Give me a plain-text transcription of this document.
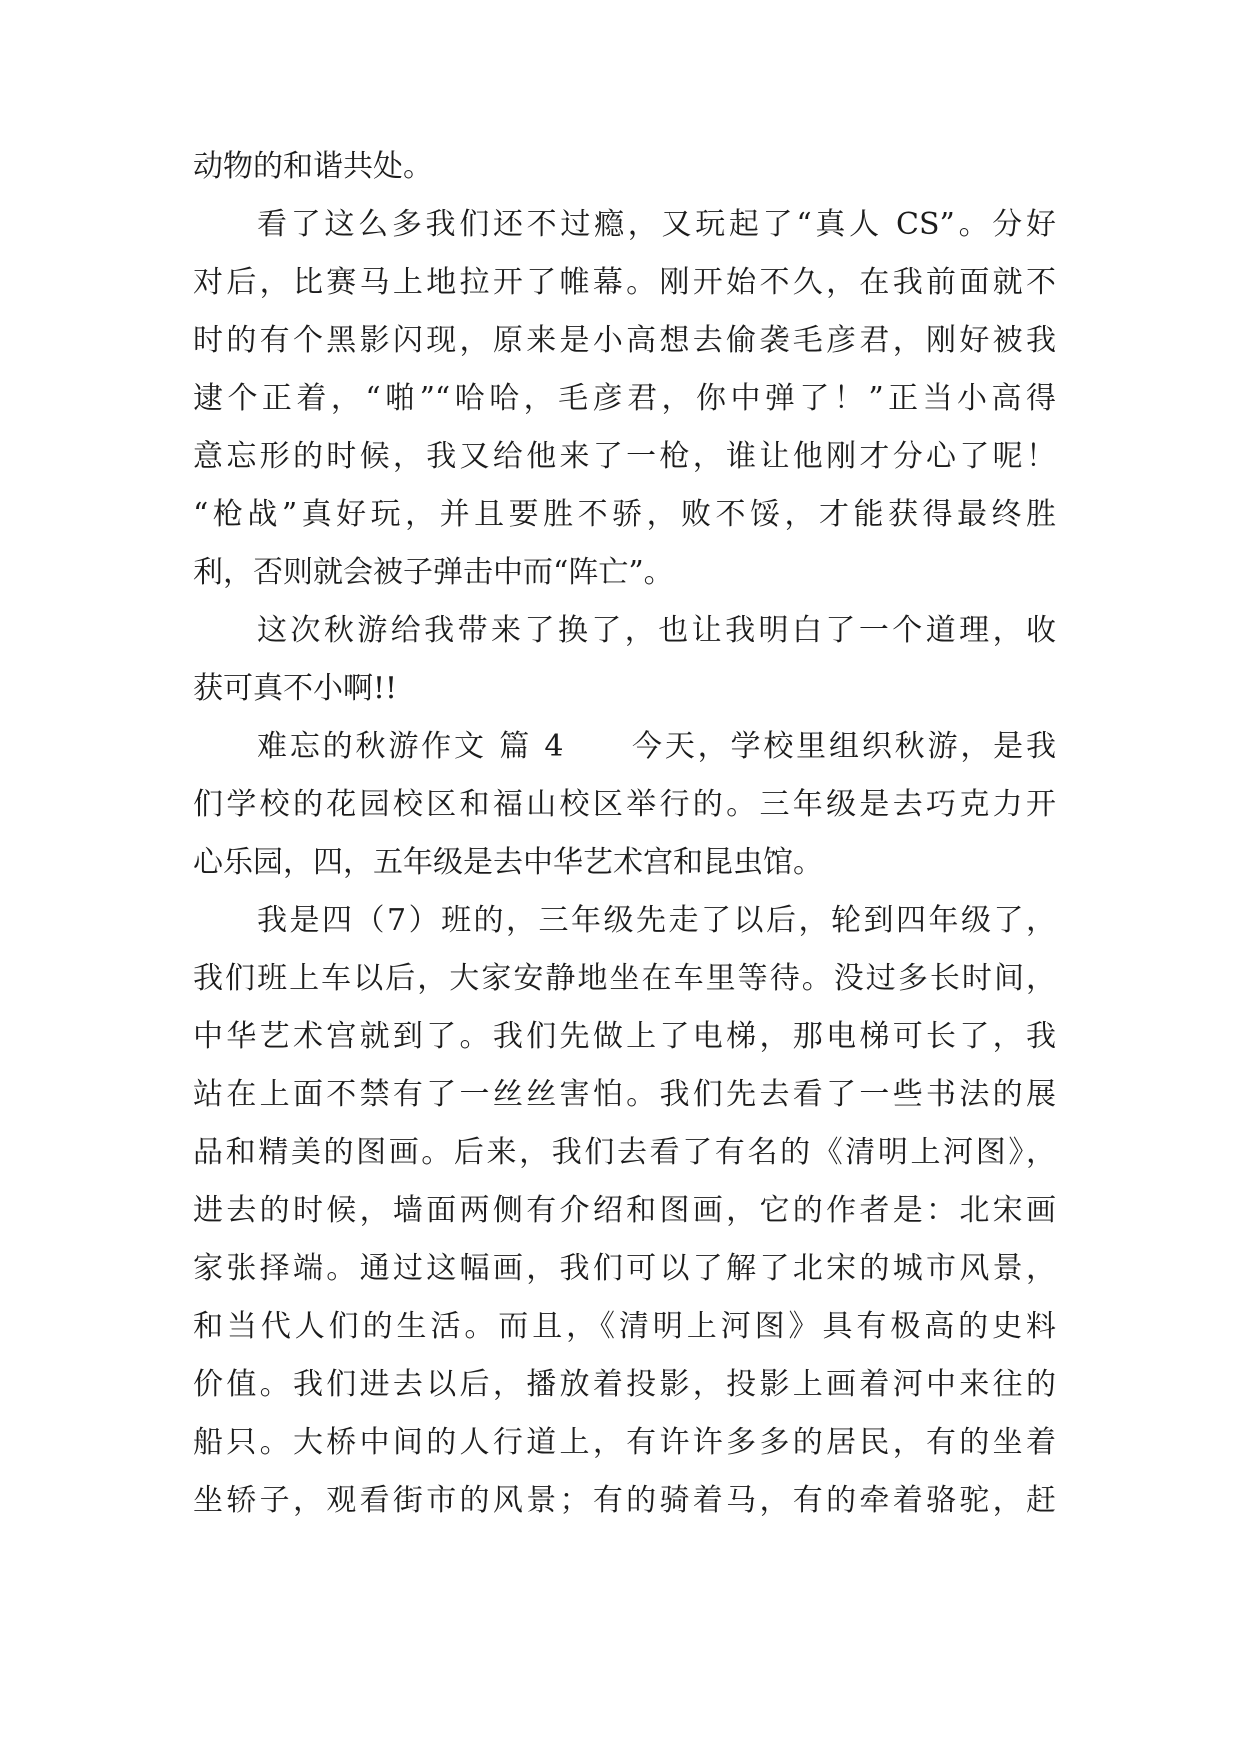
动物的和谐共处。
看了这么多我们还不过瘾，又玩起了“真人 CS”。分好
对后，比赛马上地拉开了帷幕。刚开始不久，在我前面就不
时的有个黑影闪现，原来是小高想去偷袭毛彦君，刚好被我
逮个正着，“啪”“哈哈，毛彦君，你中弹了！”正当小高得
意忘形的时候，我又给他来了一枪，谁让他刚才分心了呢！
“枪战”真好玩，并且要胜不骄，败不馁，才能获得最终胜
利，否则就会被子弹击中而“阵亡”。
这次秋游给我带来了换了，也让我明白了一个道理，收
获可真不小啊!!
难忘的秋游作文 篇 4　　今天，学校里组织秋游，是我
们学校的花园校区和福山校区举行的。三年级是去巧克力开
心乐园，四，五年级是去中华艺术宫和昆虫馆。
我是四（7）班的，三年级先走了以后，轮到四年级了，
我们班上车以后，大家安静地坐在车里等待。没过多长时间，
中华艺术宫就到了。我们先做上了电梯，那电梯可长了，我
站在上面不禁有了一丝丝害怕。我们先去看了一些书法的展
品和精美的图画。后来，我们去看了有名的《清明上河图》，
进去的时候，墙面两侧有介绍和图画，它的作者是：北宋画
家张择端。通过这幅画，我们可以了解了北宋的城市风景，
和当代人们的生活。而且，《清明上河图》具有极高的史料
价值。我们进去以后，播放着投影，投影上画着河中来往的
船只。大桥中间的人行道上，有许许多多的居民，有的坐着
坐轿子，观看街市的风景；有的骑着马，有的牵着骆驼，赶
